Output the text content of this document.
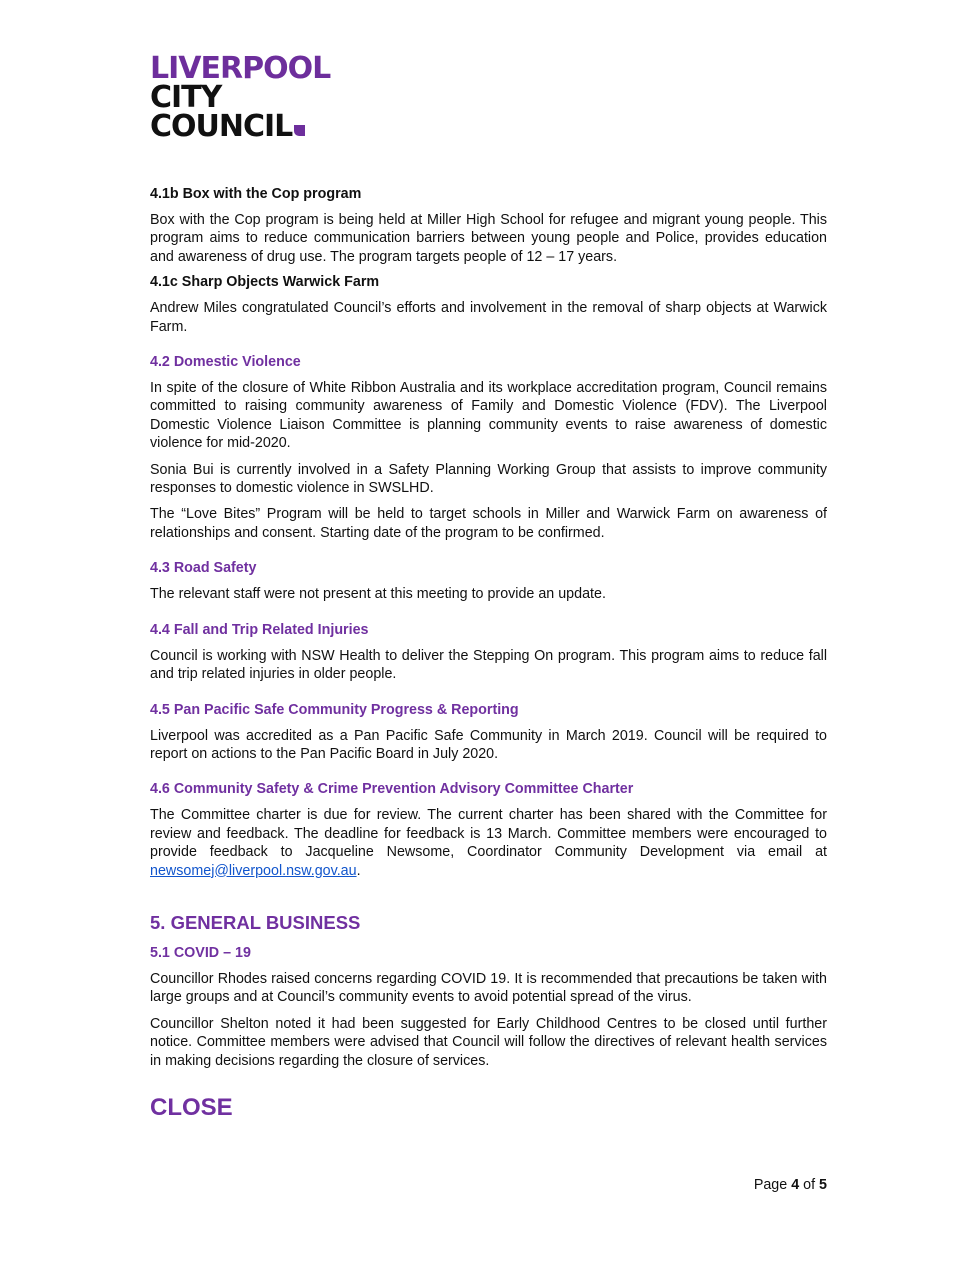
LIVERPOOL
CITY
COUNCIL
4.1b Box with the Cop program

Box with the Cop program is being held at Miller High School for refugee and migrant young people. This program aims to reduce communication barriers between young people and Police, provides education and awareness of drug use. The program targets people of 12 – 17 years.

4.1c Sharp Objects Warwick Farm

Andrew Miles congratulated Council’s efforts and involvement in the removal of sharp objects at Warwick Farm.

4.2 Domestic Violence

In spite of the closure of White Ribbon Australia and its workplace accreditation program, Council remains committed to raising community awareness of Family and Domestic Violence (FDV). The Liverpool Domestic Violence Liaison Committee is planning community events to raise awareness of domestic violence for mid-2020.

Sonia Bui is currently involved in a Safety Planning Working Group that assists to improve community responses to domestic violence in SWSLHD.

The “Love Bites” Program will be held to target schools in Miller and Warwick Farm on awareness of relationships and consent. Starting date of the program to be confirmed.

4.3 Road Safety

The relevant staff were not present at this meeting to provide an update.

4.4 Fall and Trip Related Injuries

Council is working with NSW Health to deliver the Stepping On program. This program aims to reduce fall and trip related injuries in older people.

4.5 Pan Pacific Safe Community Progress & Reporting

Liverpool was accredited as a Pan Pacific Safe Community in March 2019. Council will be required to report on actions to the Pan Pacific Board in July 2020.

4.6 Community Safety & Crime Prevention Advisory Committee Charter

The Committee charter is due for review. The current charter has been shared with the Committee for review and feedback. The deadline for feedback is 13 March. Committee members were encouraged to provide feedback to Jacqueline Newsome, Coordinator Community Development via email at newsomej@liverpool.nsw.gov.au.

5. GENERAL BUSINESS
5.1 COVID – 19

Councillor Rhodes raised concerns regarding COVID 19. It is recommended that precautions be taken with large groups and at Council’s community events to avoid potential spread of the virus.

Councillor Shelton noted it had been suggested for Early Childhood Centres to be closed until further notice. Committee members were advised that Council will follow the directives of relevant health services in making decisions regarding the closure of services.

CLOSE
Page 4 of 5
